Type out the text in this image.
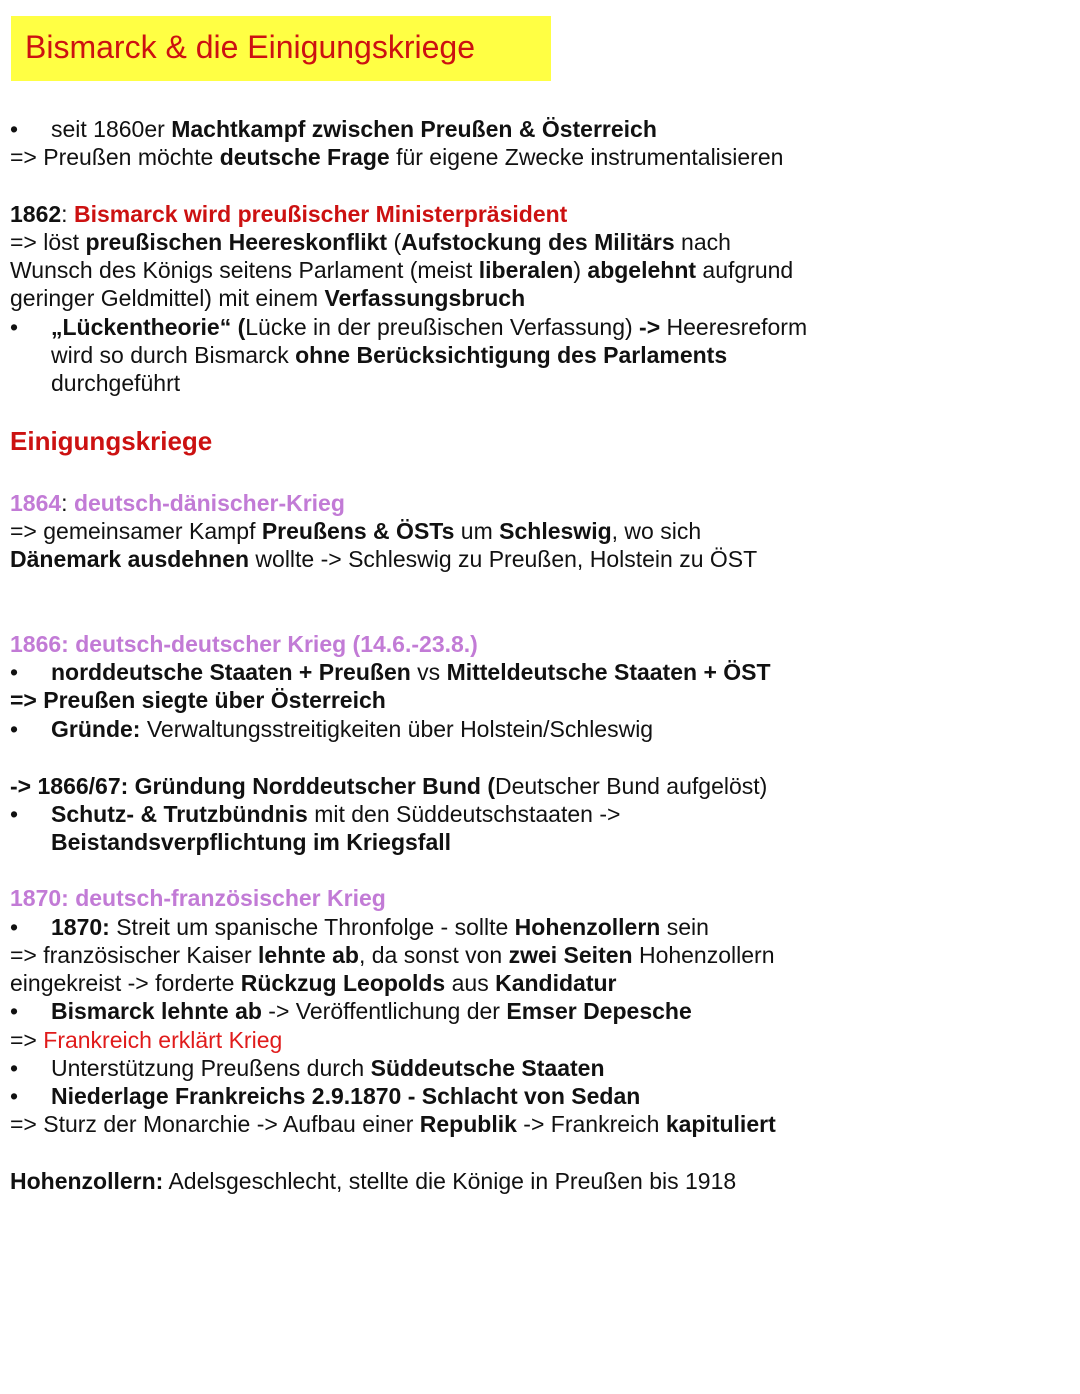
Bismarck & die Einigungskriege
• seit 1860er Machtkampf zwischen Preußen & Österreich
=> Preußen möchte deutsche Frage für eigene Zwecke instrumentalisieren
1862: Bismarck wird preußischer Ministerpräsident
=> löst preußischen Heereskonflikt (Aufstockung des Militärs nach
Wunsch des Königs seitens Parlament (meist liberalen) abgelehnt aufgrund
geringer Geldmittel) mit einem Verfassungsbruch
• „Lückentheorie“ (Lücke in der preußischen Verfassung) -> Heeresreform
wird so durch Bismarck ohne Berücksichtigung des Parlaments
durchgeführt
Einigungskriege
1864: deutsch-dänischer-Krieg
=> gemeinsamer Kampf Preußens & ÖSTs um Schleswig, wo sich
Dänemark ausdehnen wollte -> Schleswig zu Preußen, Holstein zu ÖST
1866: deutsch-deutscher Krieg (14.6.-23.8.)
• norddeutsche Staaten + Preußen vs Mitteldeutsche Staaten + ÖST
=> Preußen siegte über Österreich
• Gründe: Verwaltungsstreitigkeiten über Holstein/Schleswig
-> 1866/67: Gründung Norddeutscher Bund (Deutscher Bund aufgelöst)
• Schutz- & Trutzbündnis mit den Süddeutschstaaten ->
Beistandsverpflichtung im Kriegsfall
1870: deutsch-französischer Krieg
• 1870: Streit um spanische Thronfolge - sollte Hohenzollern sein
=> französischer Kaiser lehnte ab, da sonst von zwei Seiten Hohenzollern
eingekreist -> forderte Rückzug Leopolds aus Kandidatur
• Bismarck lehnte ab -> Veröffentlichung der Emser Depesche
=> Frankreich erklärt Krieg
• Unterstützung Preußens durch Süddeutsche Staaten
• Niederlage Frankreichs 2.9.1870 - Schlacht von Sedan
=> Sturz der Monarchie -> Aufbau einer Republik -> Frankreich kapituliert
Hohenzollern: Adelsgeschlecht, stellte die Könige in Preußen bis 1918
